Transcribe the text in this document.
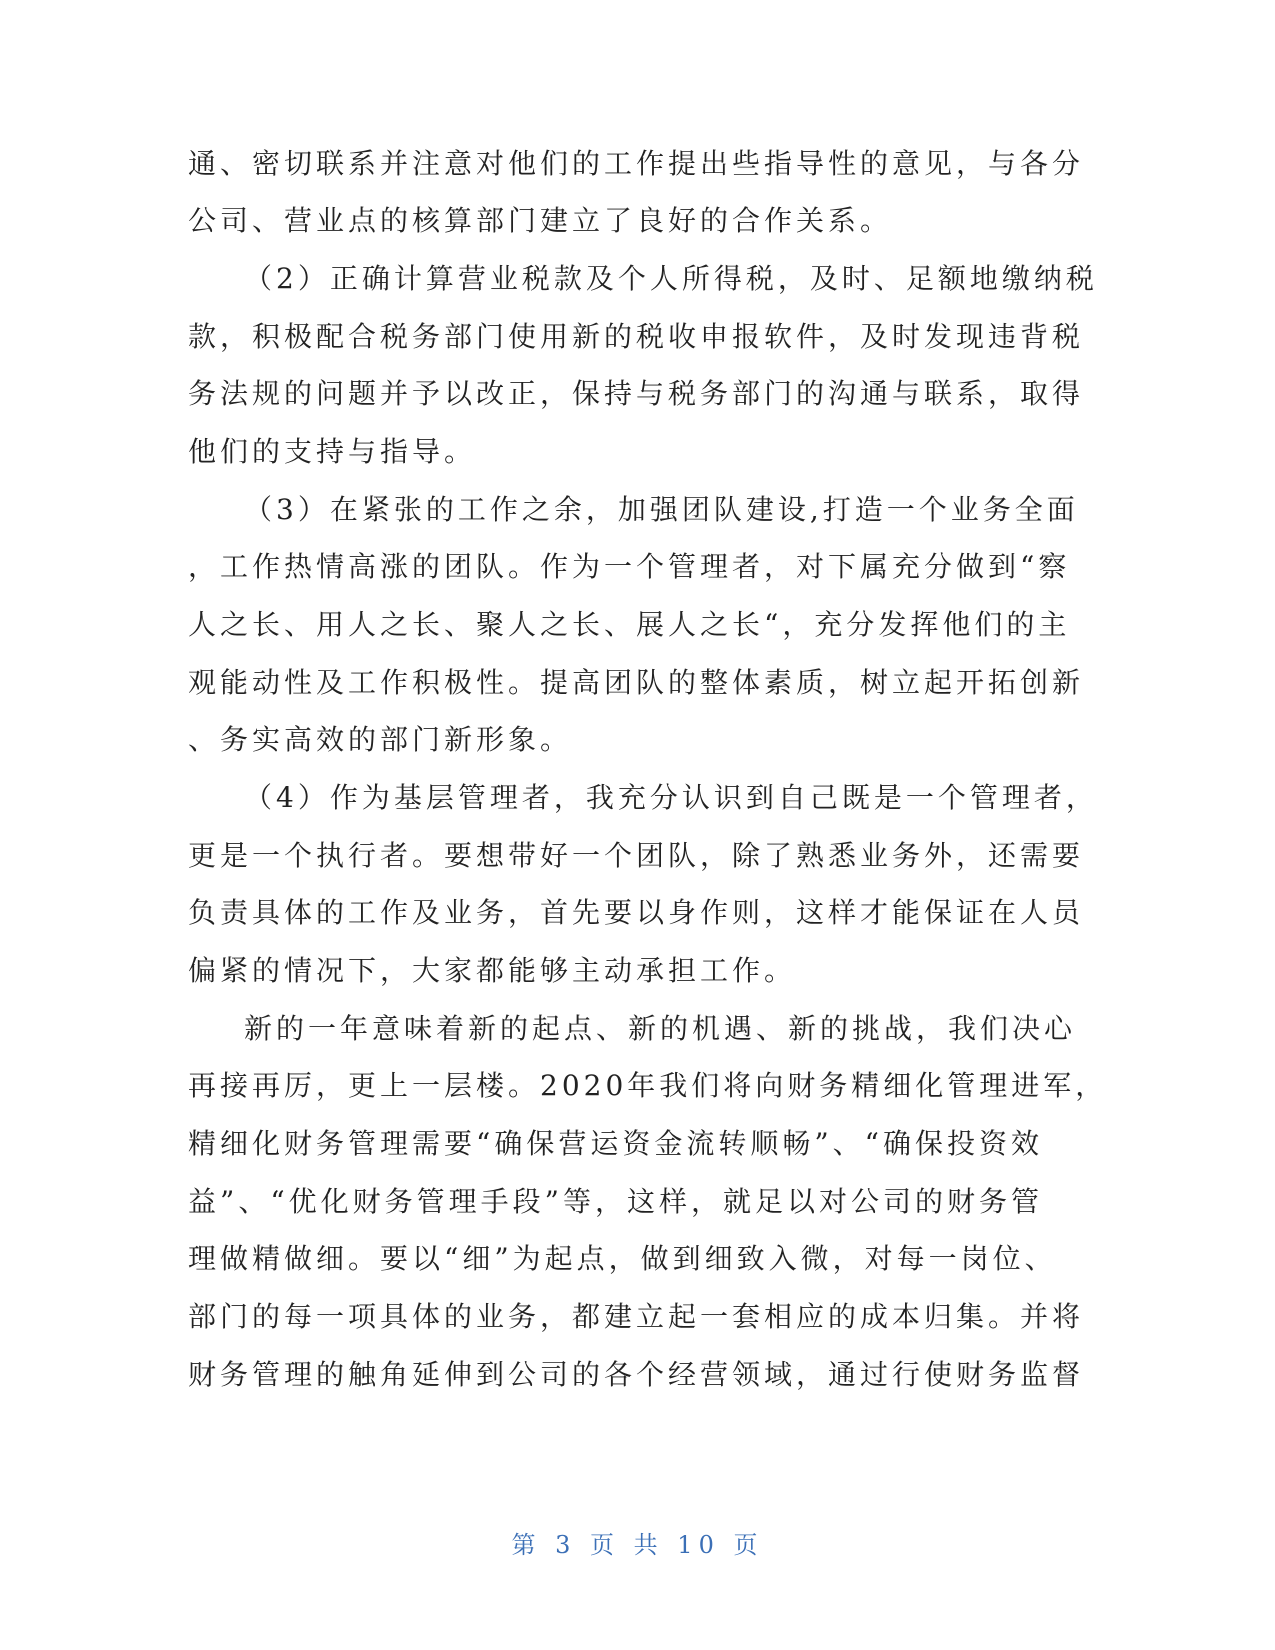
通、密切联系并注意对他们的工作提出些指导性的意见，与各分
公司、营业点的核算部门建立了良好的合作关系。
（2）正确计算营业税款及个人所得税，及时、足额地缴纳税
款，积极配合税务部门使用新的税收申报软件，及时发现违背税
务法规的问题并予以改正，保持与税务部门的沟通与联系，取得
他们的支持与指导。
（3）在紧张的工作之余，加强团队建设,打造一个业务全面
，工作热情高涨的团队。作为一个管理者，对下属充分做到“察
人之长、用人之长、聚人之长、展人之长“，充分发挥他们的主
观能动性及工作积极性。提高团队的整体素质，树立起开拓创新
、务实高效的部门新形象。
（4）作为基层管理者，我充分认识到自己既是一个管理者，
更是一个执行者。要想带好一个团队，除了熟悉业务外，还需要
负责具体的工作及业务，首先要以身作则，这样才能保证在人员
偏紧的情况下，大家都能够主动承担工作。
新的一年意味着新的起点、新的机遇、新的挑战，我们决心
再接再厉，更上一层楼。2020年我们将向财务精细化管理进军，
精细化财务管理需要“确保营运资金流转顺畅”、“确保投资效
益”、“优化财务管理手段”等，这样，就足以对公司的财务管
理做精做细。要以“细”为起点，做到细致入微，对每一岗位、
部门的每一项具体的业务，都建立起一套相应的成本归集。并将
财务管理的触角延伸到公司的各个经营领域，通过行使财务监督
第 3 页 共 10 页
